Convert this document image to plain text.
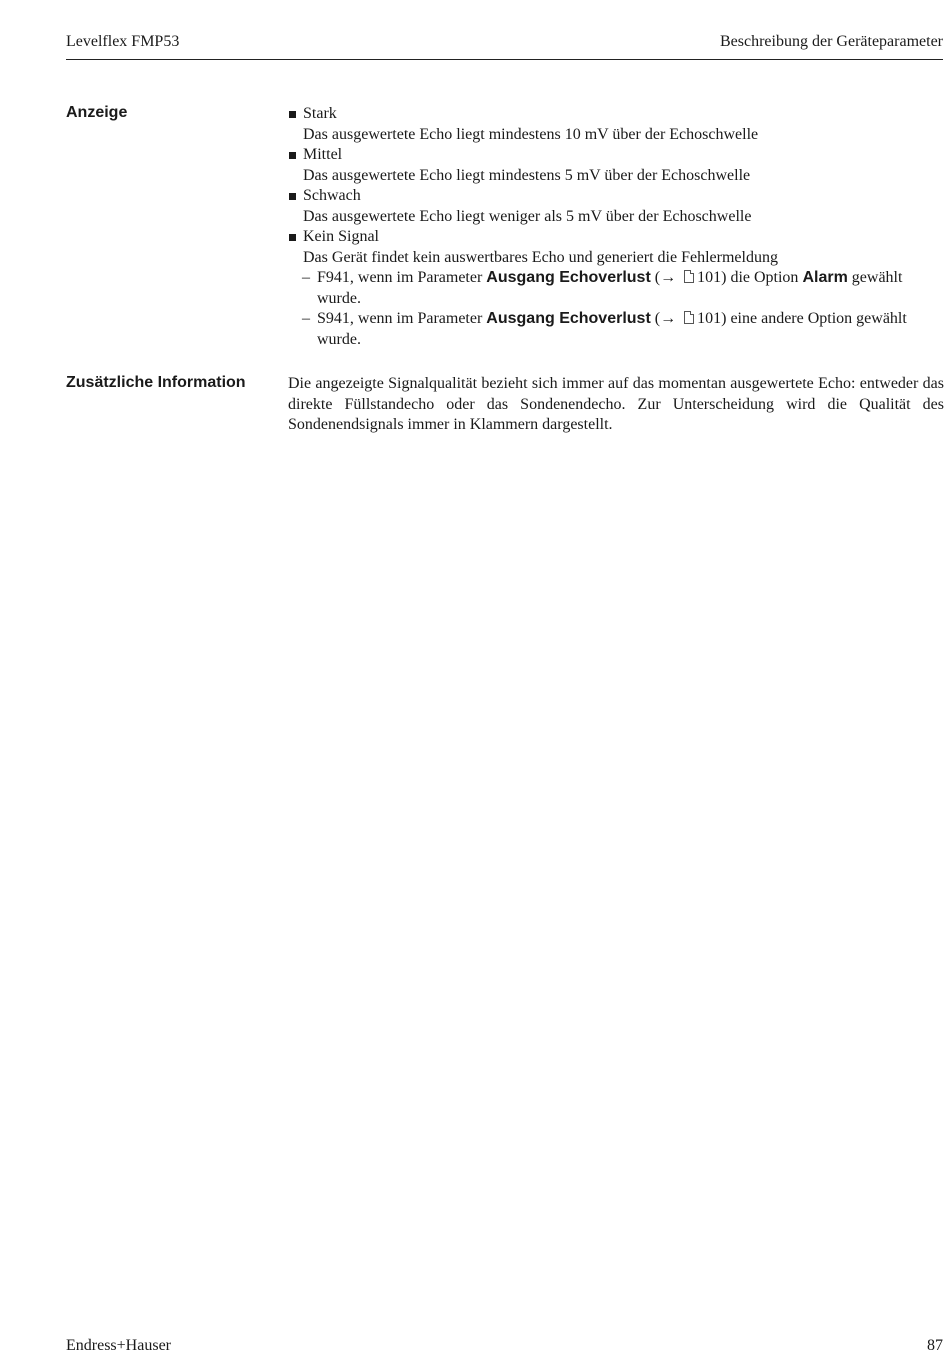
Levelflex FMP53	Beschreibung der Geräteparameter
Anzeige	Stark
Das ausgewertete Echo liegt mindestens 10 mV über der Echoschwelle
Mittel
Das ausgewertete Echo liegt mindestens 5 mV über der Echoschwelle
Schwach
Das ausgewertete Echo liegt weniger als 5 mV über der Echoschwelle
Kein Signal
Das Gerät findet kein auswertbares Echo und generiert die Fehlermeldung
– F941, wenn im Parameter Ausgang Echoverlust (→ 101) die Option Alarm gewählt
wurde.
– S941, wenn im Parameter Ausgang Echoverlust (→ 101) eine andere Option gewählt
wurde.
Zusätzliche Information	Die angezeigte Signalqualität bezieht sich immer auf das momentan ausgewertete Echo: entweder das direkte Füllstandecho oder das Sondenendecho. Zur Unterscheidung wird die Qualität des Sondenendsignals immer in Klammern dargestellt.
Endress+Hauser	87
